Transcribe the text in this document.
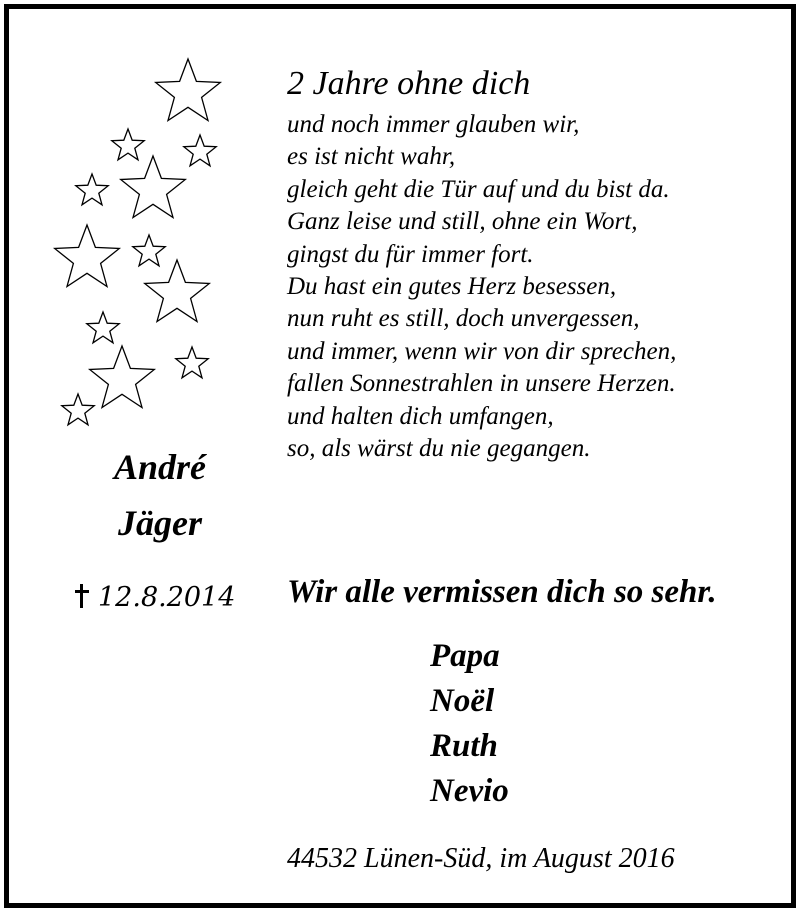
André
Jäger
12.8.2014
2 Jahre ohne dich
und noch immer glauben wir,
es ist nicht wahr,
gleich geht die Tür auf und du bist da.
Ganz leise und still, ohne ein Wort,
gingst du für immer fort.
Du hast ein gutes Herz besessen,
nun ruht es still, doch unvergessen,
und immer, wenn wir von dir sprechen,
fallen Sonnestrahlen in unsere Herzen.
und halten dich umfangen,
so, als wärst du nie gegangen.

Wir alle vermissen dich so sehr.

Papa
Noël
Ruth
Nevio
44532 Lünen-Süd, im August 2016
